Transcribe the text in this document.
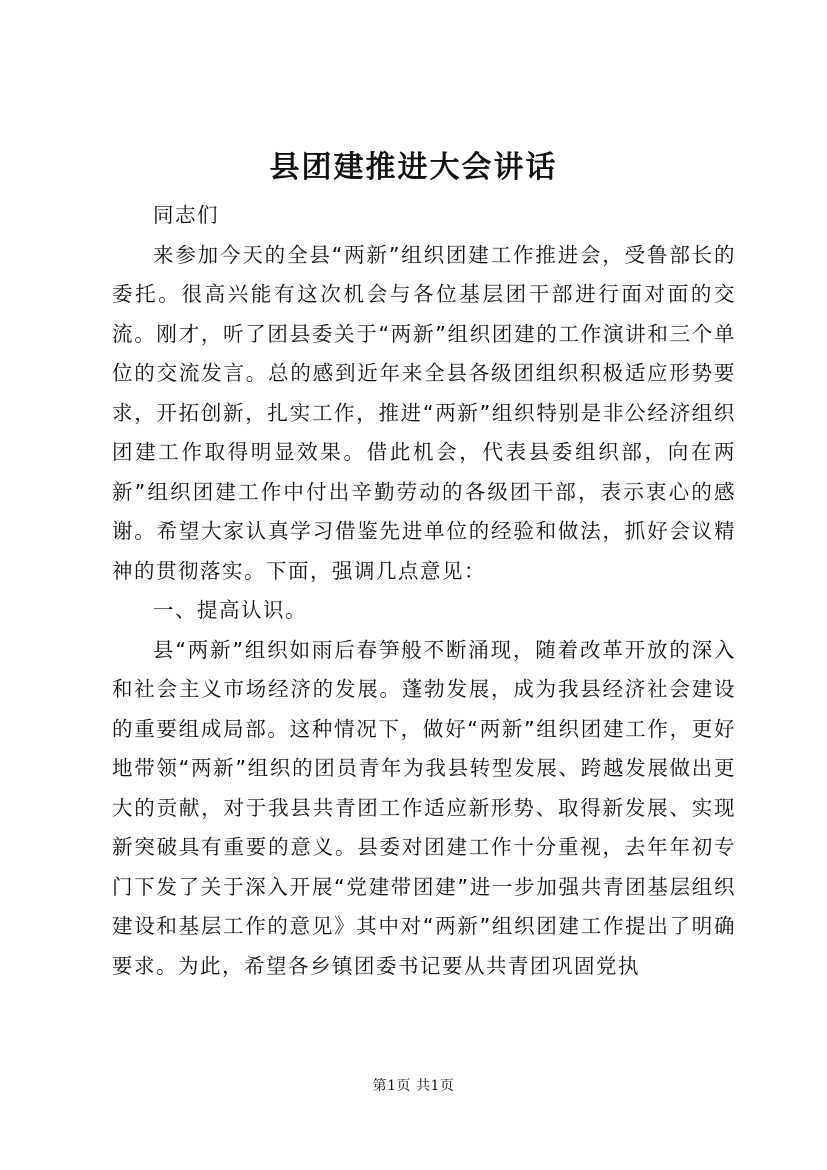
县团建推进大会讲话

同志们

来参加今天的全县“两新”组织团建工作推进会，受鲁部长的委托。很高兴能有这次机会与各位基层团干部进行面对面的交流。刚才，听了团县委关于“两新”组织团建的工作演讲和三个单位的交流发言。总的感到近年来全县各级团组织积极适应形势要求，开拓创新，扎实工作，推进“两新”组织特别是非公经济组织团建工作取得明显效果。借此机会，代表县委组织部，向在两新”组织团建工作中付出辛勤劳动的各级团干部，表示衷心的感谢。希望大家认真学习借鉴先进单位的经验和做法，抓好会议精神的贯彻落实。下面，强调几点意见：

一、提高认识。

县“两新”组织如雨后春笋般不断涌现，随着改革开放的深入和社会主义市场经济的发展。蓬勃发展，成为我县经济社会建设的重要组成局部。这种情况下，做好“两新”组织团建工作，更好地带领“两新”组织的团员青年为我县转型发展、跨越发展做出更大的贡献，对于我县共青团工作适应新形势、取得新发展、实现新突破具有重要的意义。县委对团建工作十分重视，去年年初专门下发了关于深入开展“党建带团建”进一步加强共青团基层组织建设和基层工作的意见》其中对“两新”组织团建工作提出了明确要求。为此，希望各乡镇团委书记要从共青团巩固党执

第1页 共1页
